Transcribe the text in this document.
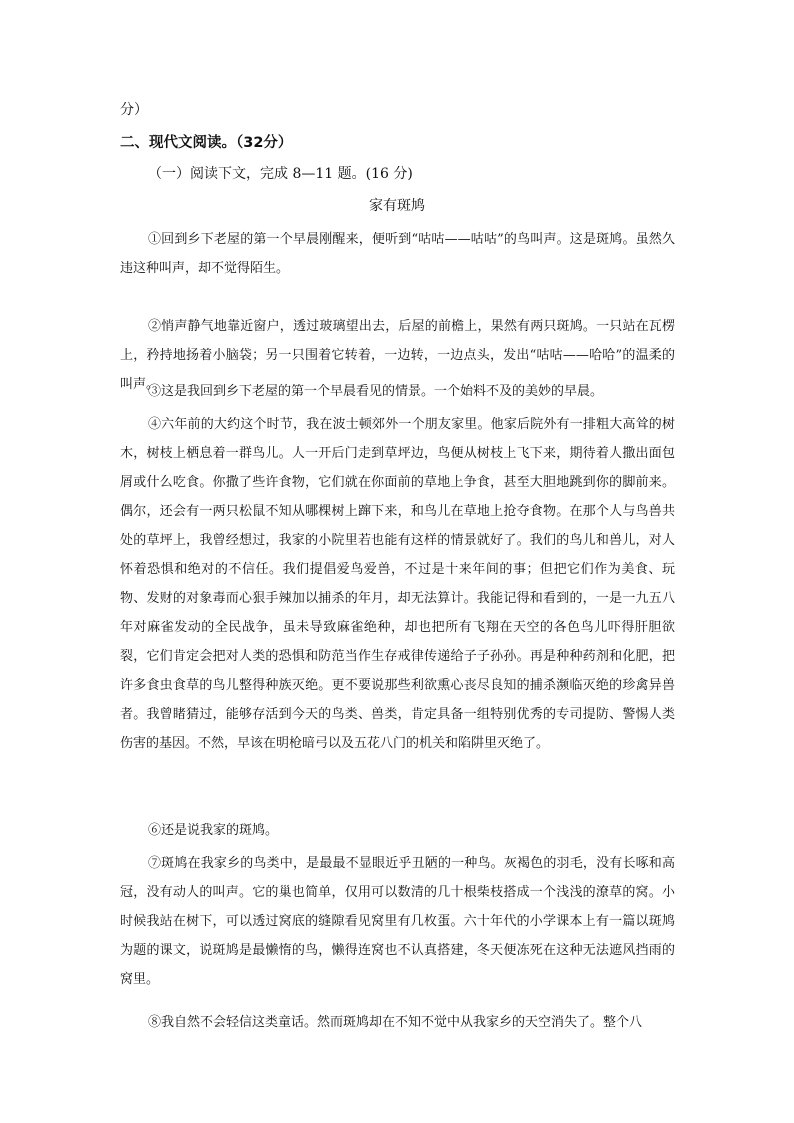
分）
二、现代文阅读。（32分）
（一）阅读下文，完成 8—11 题。(16 分)
家有斑鸠
①回到乡下老屋的第一个早晨刚醒来，便听到“咕咕——咕咕”的鸟叫声。这是斑鸠。虽然久违这种叫声，却不觉得陌生。
②悄声静气地靠近窗户，透过玻璃望出去，后屋的前檐上，果然有两只斑鸠。一只站在瓦楞上，矜持地扬着小脑袋；另一只围着它转着，一边转，一边点头，发出“咕咕——哈哈”的温柔的叫声。
③这是我回到乡下老屋的第一个早晨看见的情景。一个始料不及的美妙的早晨。
④六年前的大约这个时节，我在波士顿郊外一个朋友家里。他家后院外有一排粗大高耸的树木，树枝上栖息着一群鸟儿。人一开后门走到草坪边，鸟便从树枝上飞下来，期待着人撒出面包屑或什么吃食。你撒了些许食物，它们就在你面前的草地上争食，甚至大胆地跳到你的脚前来。偶尔，还会有一两只松鼠不知从哪棵树上蹿下来，和鸟儿在草地上抢夺食物。在那个人与鸟兽共处的草坪上，我曾经想过，我家的小院里若也能有这样的情景就好了。我们的鸟儿和兽儿，对人怀着恐惧和绝对的不信任。我们提倡爱鸟爱兽，不过是十来年间的事；但把它们作为美食、玩物、发财的对象毒而心狠手辣加以捕杀的年月，却无法算计。我能记得和看到的，一是一九五八年对麻雀发动的全民战争，虽未导致麻雀绝种，却也把所有飞翔在天空的各色鸟儿吓得肝胆欲裂，它们肯定会把对人类的恐惧和防范当作生存戒律传递给子子孙孙。再是种种药剂和化肥，把许多食虫食草的鸟儿整得种族灭绝。更不要说那些利欲熏心丧尽良知的捕杀濒临灭绝的珍禽异兽者。我曾睹猜过，能够存活到今天的鸟类、兽类，肯定具备一组特别优秀的专司提防、警惕人类伤害的基因。不然，早该在明枪暗弓以及五花八门的机关和陷阱里灭绝了。
⑥还是说我家的斑鸠。
⑦斑鸠在我家乡的鸟类中，是最最不显眼近乎丑陋的一种鸟。灰褐色的羽毛，没有长啄和高冠，没有动人的叫声。它的巢也简单，仅用可以数清的几十根柴枝搭成一个浅浅的潦草的窝。小时候我站在树下，可以透过窝底的缝隙看见窝里有几枚蛋。六十年代的小学课本上有一篇以斑鸠为题的课文，说斑鸠是最懒惰的鸟，懒得连窝也不认真搭建，冬天便冻死在这种无法遮风挡雨的窝里。
⑧我自然不会轻信这类童话。然而斑鸠却在不知不觉中从我家乡的天空消失了。整个八
